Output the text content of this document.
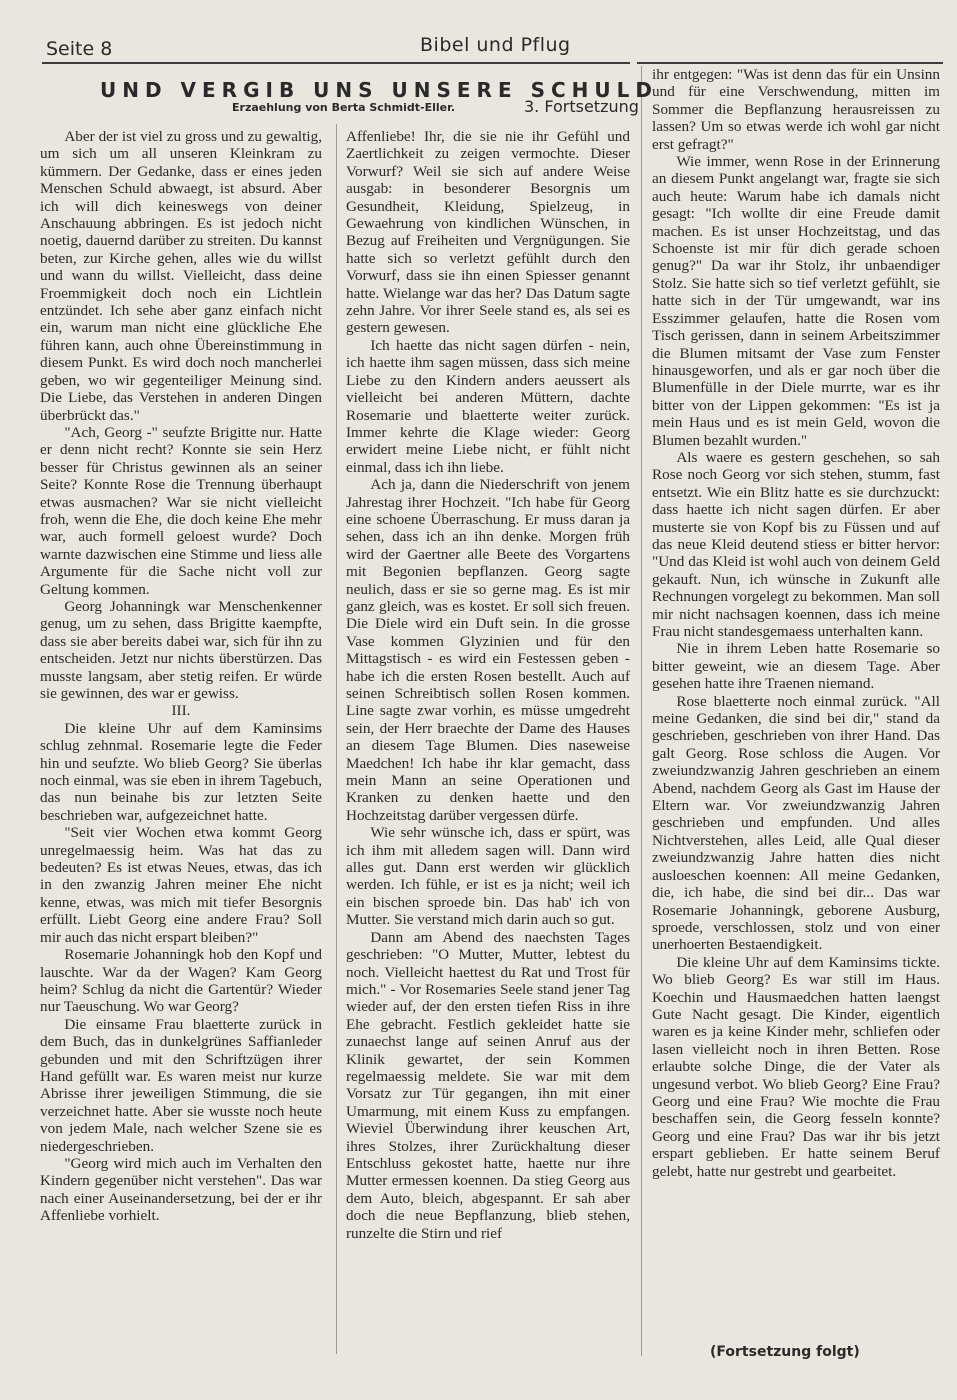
Seite 8	Bibel und Pflug
UND VERGIB UNS UNSERE SCHULD
Erzaehlung von Berta Schmidt-Eller.	3. Fortsetzung

Aber der ist viel zu gross und zu gewaltig, um sich um all unseren Kleinkram zu kümmern. Der Gedanke, dass er eines jeden Menschen Schuld abwaegt, ist absurd. Aber ich will dich keineswegs von deiner Anschauung abbringen. Es ist jedoch nicht noetig, dauernd darüber zu streiten. Du kannst beten, zur Kirche gehen, alles wie du willst und wann du willst. Vielleicht, dass deine Froemmigkeit doch noch ein Lichtlein entzündet. Ich sehe aber ganz einfach nicht ein, warum man nicht eine glückliche Ehe führen kann, auch ohne Übereinstimmung in diesem Punkt. Es wird doch noch mancherlei geben, wo wir gegenteiliger Meinung sind. Die Liebe, das Verstehen in anderen Dingen überbrückt das."

"Ach, Georg -" seufzte Brigitte nur. Hatte er denn nicht recht? Konnte sie sein Herz besser für Christus gewinnen als an seiner Seite? Konnte Rose die Trennung überhaupt etwas ausmachen? War sie nicht vielleicht froh, wenn die Ehe, die doch keine Ehe mehr war, auch formell geloest wurde? Doch warnte dazwischen eine Stimme und liess alle Argumente für die Sache nicht voll zur Geltung kommen.

Georg Johanningk war Menschenkenner genug, um zu sehen, dass Brigitte kaempfte, dass sie aber bereits dabei war, sich für ihn zu entscheiden. Jetzt nur nichts überstürzen. Das musste langsam, aber stetig reifen. Er würde sie gewinnen, des war er gewiss.

III.

Die kleine Uhr auf dem Kaminsims schlug zehnmal. Rosemarie legte die Feder hin und seufzte. Wo blieb Georg? Sie überlas noch einmal, was sie eben in ihrem Tagebuch, das nun beinahe bis zur letzten Seite beschrieben war, aufgezeichnet hatte.

"Seit vier Wochen etwa kommt Georg unregelmaessig heim. Was hat das zu bedeuten? Es ist etwas Neues, etwas, das ich in den zwanzig Jahren meiner Ehe nicht kenne, etwas, was mich mit tiefer Besorgnis erfüllt. Liebt Georg eine andere Frau? Soll mir auch das nicht erspart bleiben?"

Rosemarie Johanningk hob den Kopf und lauschte. War da der Wagen? Kam Georg heim? Schlug da nicht die Gartentür? Wieder nur Taeuschung. Wo war Georg?

Die einsame Frau blaetterte zurück in dem Buch, das in dunkelgrünes Saffianleder gebunden und mit den Schriftzügen ihrer Hand gefüllt war. Es waren meist nur kurze Abrisse ihrer jeweiligen Stimmung, die sie verzeichnet hatte. Aber sie wusste noch heute von jedem Male, nach welcher Szene sie es niedergeschrieben.

"Georg wird mich auch im Verhalten den Kindern gegenüber nicht verstehen". Das war nach einer Auseinandersetzung, bei der er ihr Affenliebe vorhielt.

Affenliebe! Ihr, die sie nie ihr Gefühl und Zaertlichkeit zu zeigen vermochte. Dieser Vorwurf? Weil sie sich auf andere Weise ausgab: in besonderer Besorgnis um Gesundheit, Kleidung, Spielzeug, in Gewaehrung von kindlichen Wünschen, in Bezug auf Freiheiten und Vergnügungen. Sie hatte sich so verletzt gefühlt durch den Vorwurf, dass sie ihn einen Spiesser genannt hatte. Wielange war das her? Das Datum sagte zehn Jahre. Vor ihrer Seele stand es, als sei es gestern gewesen.

Ich haette das nicht sagen dürfen - nein, ich haette ihm sagen müssen, dass sich meine Liebe zu den Kindern anders aeussert als vielleicht bei anderen Müttern, dachte Rosemarie und blaetterte weiter zurück. Immer kehrte die Klage wieder: Georg erwidert meine Liebe nicht, er fühlt nicht einmal, dass ich ihn liebe.

Ach ja, dann die Niederschrift von jenem Jahrestag ihrer Hochzeit. "Ich habe für Georg eine schoene Überraschung. Er muss daran ja sehen, dass ich an ihn denke. Morgen früh wird der Gaertner alle Beete des Vorgartens mit Begonien bepflanzen. Georg sagte neulich, dass er sie so gerne mag. Es ist mir ganz gleich, was es kostet. Er soll sich freuen. Die Diele wird ein Duft sein. In die grosse Vase kommen Glyzinien und für den Mittagstisch - es wird ein Festessen geben - habe ich die ersten Rosen bestellt. Auch auf seinen Schreibtisch sollen Rosen kommen. Line sagte zwar vorhin, es müsse umgedreht sein, der Herr braechte der Dame des Hauses an diesem Tage Blumen. Dies naseweise Maedchen! Ich habe ihr klar gemacht, dass mein Mann an seine Operationen und Kranken zu denken haette und den Hochzeitstag darüber vergessen dürfe.

Wie sehr wünsche ich, dass er spürt, was ich ihm mit alledem sagen will. Dann wird alles gut. Dann erst werden wir glücklich werden. Ich fühle, er ist es ja nicht; weil ich ein bischen sproede bin. Das hab' ich von Mutter. Sie verstand mich darin auch so gut.

Dann am Abend des naechsten Tages geschrieben: "O Mutter, Mutter, lebtest du noch. Vielleicht haettest du Rat und Trost für mich." - Vor Rosemaries Seele stand jener Tag wieder auf, der den ersten tiefen Riss in ihre Ehe gebracht. Festlich gekleidet hatte sie zunaechst lange auf seinen Anruf aus der Klinik gewartet, der sein Kommen regelmaessig meldete. Sie war mit dem Vorsatz zur Tür gegangen, ihn mit einer Umarmung, mit einem Kuss zu empfangen. Wieviel Überwindung ihrer keuschen Art, ihres Stolzes, ihrer Zurückhaltung dieser Entschluss gekostet hatte, haette nur ihre Mutter ermessen koennen. Da stieg Georg aus dem Auto, bleich, abgespannt. Er sah aber doch die neue Bepflanzung, blieb stehen, runzelte die Stirn und rief

ihr entgegen: "Was ist denn das für ein Unsinn und für eine Verschwendung, mitten im Sommer die Bepflanzung herausreissen zu lassen? Um so etwas werde ich wohl gar nicht erst gefragt?"

Wie immer, wenn Rose in der Erinnerung an diesem Punkt angelangt war, fragte sie sich auch heute: Warum habe ich damals nicht gesagt: "Ich wollte dir eine Freude damit machen. Es ist unser Hochzeitstag, und das Schoenste ist mir für dich gerade schoen genug?" Da war ihr Stolz, ihr unbaendiger Stolz. Sie hatte sich so tief verletzt gefühlt, sie hatte sich in der Tür umgewandt, war ins Esszimmer gelaufen, hatte die Rosen vom Tisch gerissen, dann in seinem Arbeitszimmer die Blumen mitsamt der Vase zum Fenster hinausgeworfen, und als er gar noch über die Blumenfülle in der Diele murrte, war es ihr bitter von der Lippen gekommen: "Es ist ja mein Haus und es ist mein Geld, wovon die Blumen bezahlt wurden."

Als waere es gestern geschehen, so sah Rose noch Georg vor sich stehen, stumm, fast entsetzt. Wie ein Blitz hatte es sie durchzuckt: dass haette ich nicht sagen dürfen. Er aber musterte sie von Kopf bis zu Füssen und auf das neue Kleid deutend stiess er bitter hervor: "Und das Kleid ist wohl auch von deinem Geld gekauft. Nun, ich wünsche in Zukunft alle Rechnungen vorgelegt zu bekommen. Man soll mir nicht nachsagen koennen, dass ich meine Frau nicht standesgemaess unterhalten kann.

Nie in ihrem Leben hatte Rosemarie so bitter geweint, wie an diesem Tage. Aber gesehen hatte ihre Traenen niemand.

Rose blaetterte noch einmal zurück. "All meine Gedanken, die sind bei dir," stand da geschrieben, geschrieben von ihrer Hand. Das galt Georg. Rose schloss die Augen. Vor zweiundzwanzig Jahren geschrieben an einem Abend, nachdem Georg als Gast im Hause der Eltern war. Vor zweiundzwanzig Jahren geschrieben und empfunden. Und alles Nichtverstehen, alles Leid, alle Qual dieser zweiundzwanzig Jahre hatten dies nicht ausloeschen koennen: All meine Gedanken, die, ich habe, die sind bei dir... Das war Rosemarie Johanningk, geborene Ausburg, sproede, verschlossen, stolz und von einer unerhoerten Bestaendigkeit.

Die kleine Uhr auf dem Kaminsims tickte. Wo blieb Georg? Es war still im Haus. Koechin und Hausmaedchen hatten laengst Gute Nacht gesagt. Die Kinder, eigentlich waren es ja keine Kinder mehr, schliefen oder lasen vielleicht noch in ihren Betten. Rose erlaubte solche Dinge, die der Vater als ungesund verbot. Wo blieb Georg? Eine Frau? Georg und eine Frau? Wie mochte die Frau beschaffen sein, die Georg fesseln konnte? Georg und eine Frau? Das war ihr bis jetzt erspart geblieben. Er hatte seinem Beruf gelebt, hatte nur gestrebt und gearbeitet.

(Fortsetzung folgt)
